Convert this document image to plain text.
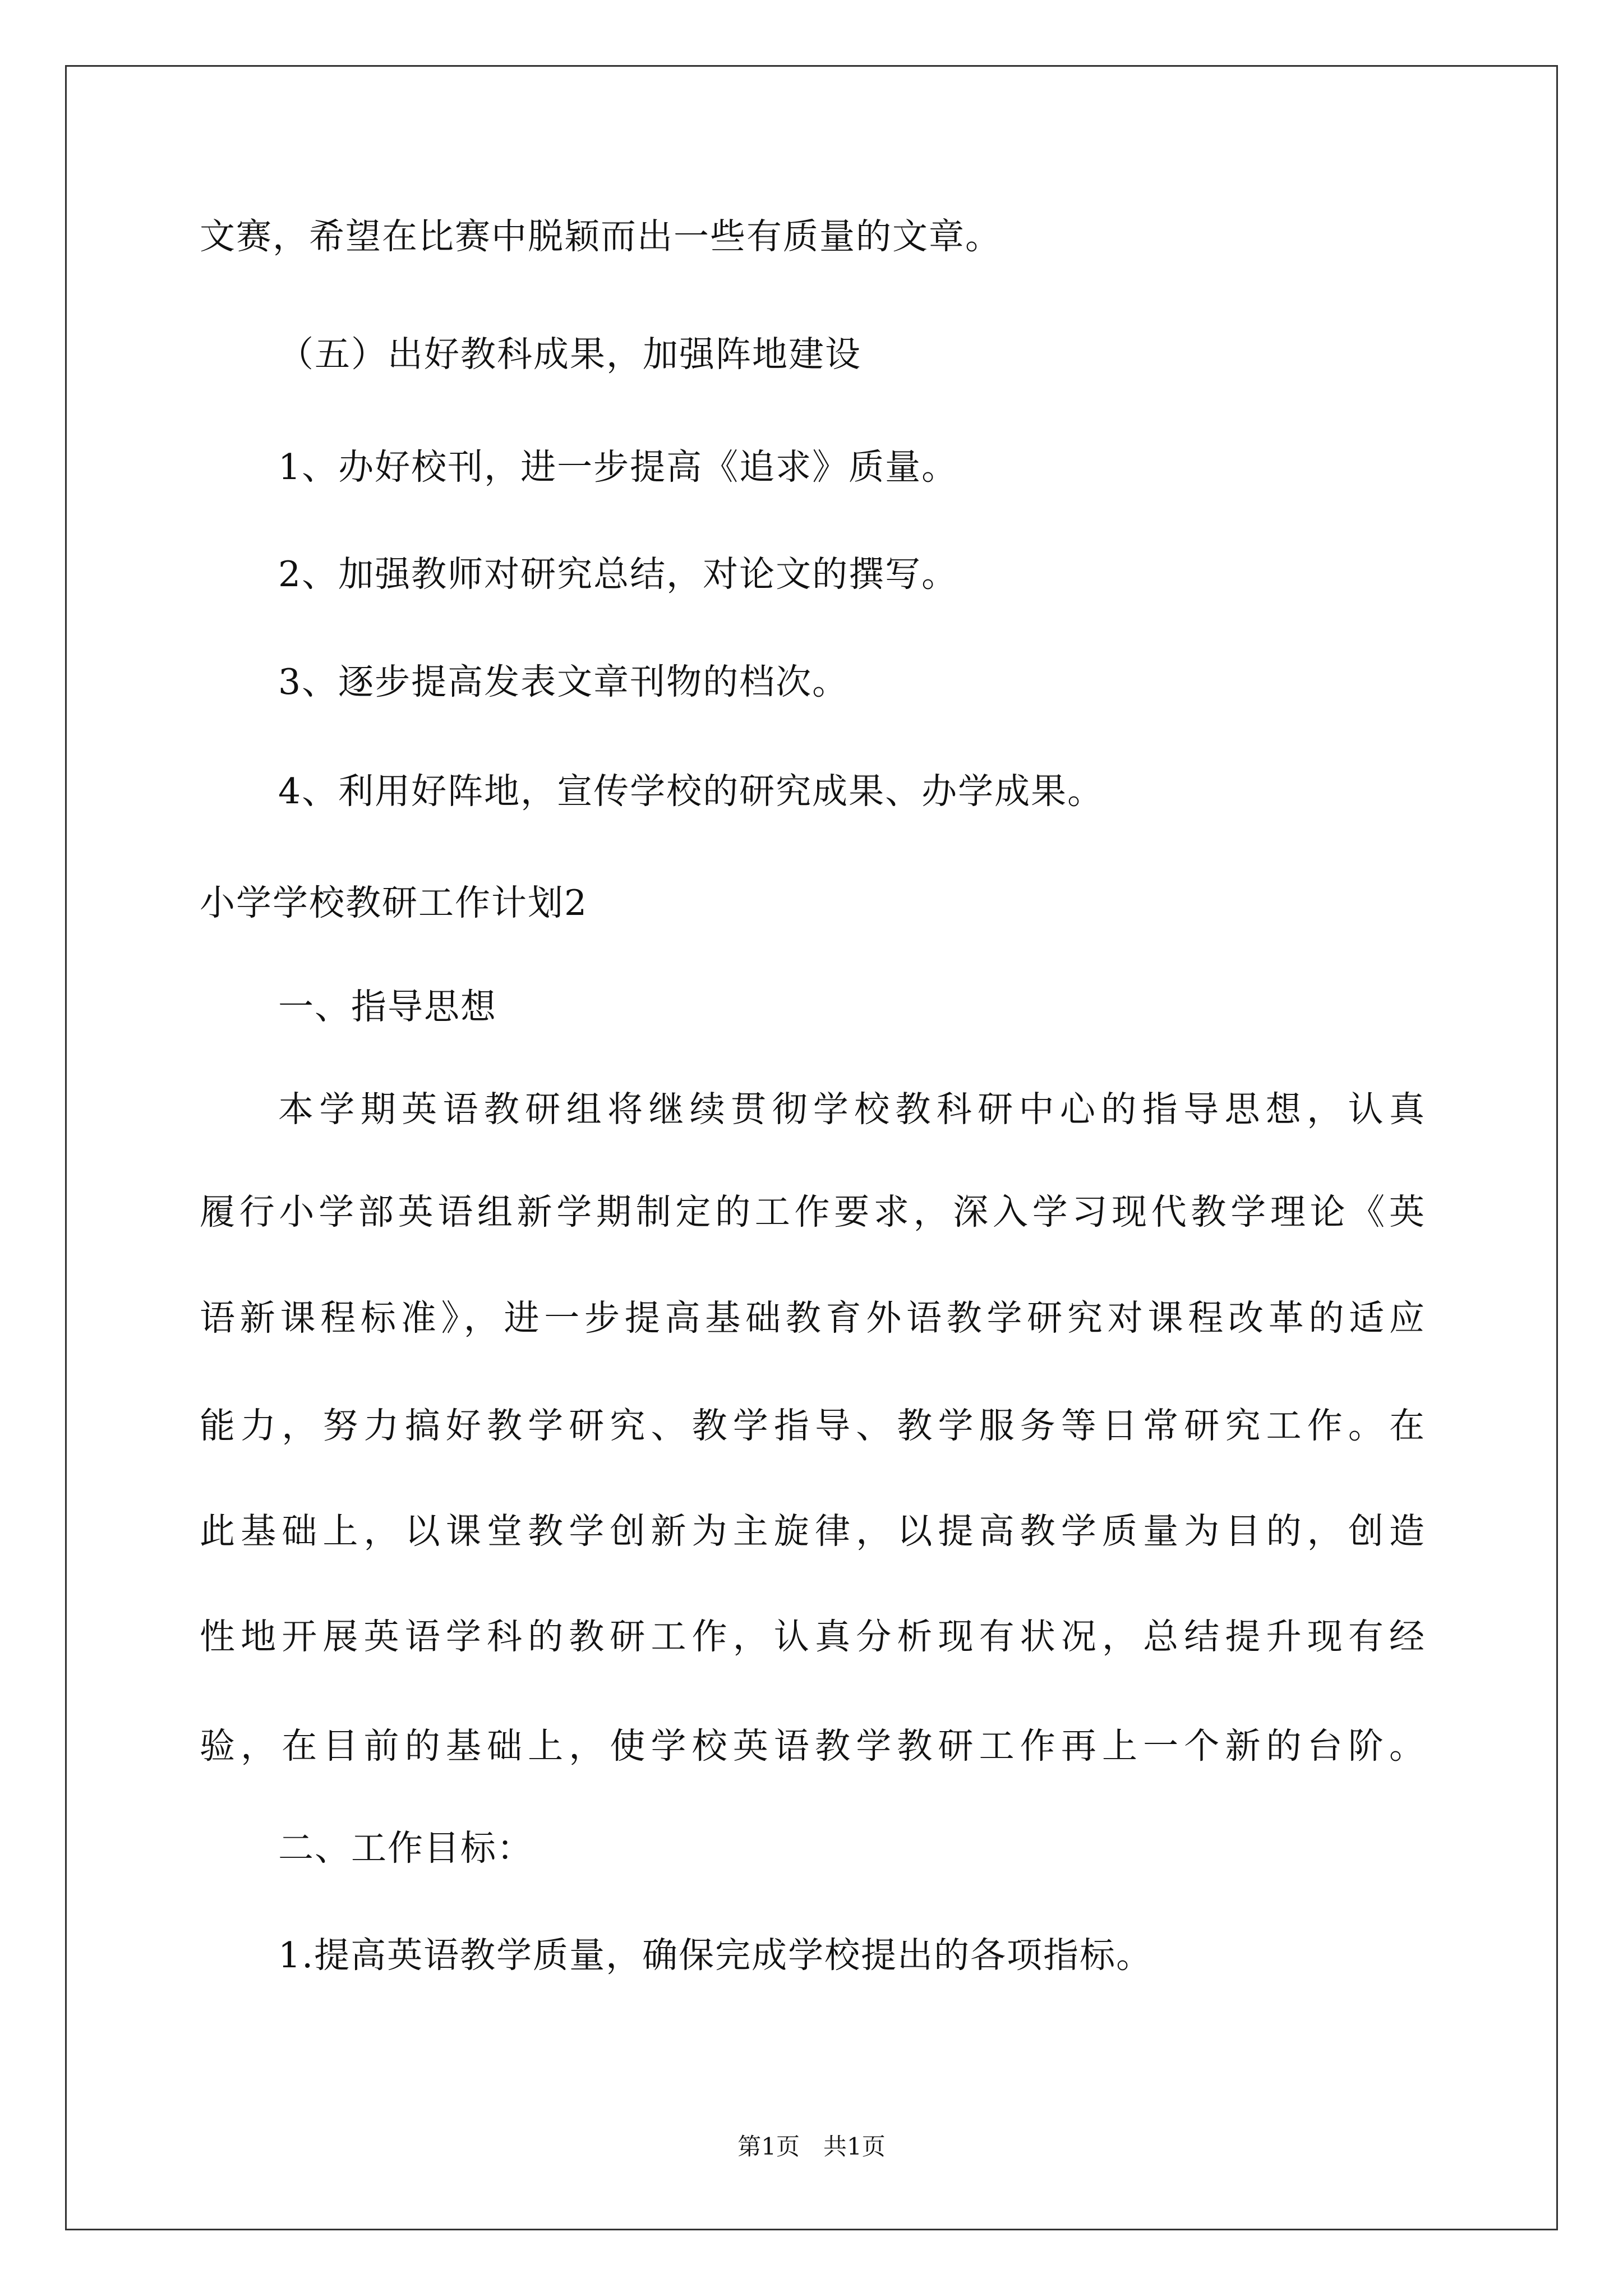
文赛，希望在比赛中脱颖而出一些有质量的文章。
（五）出好教科成果，加强阵地建设
1、办好校刊，进一步提高《追求》质量。
2、加强教师对研究总结，对论文的撰写。
3、逐步提高发表文章刊物的档次。
4、利用好阵地，宣传学校的研究成果、办学成果。
小学学校教研工作计划2
一、指导思想
本学期英语教研组将继续贯彻学校教科研中心的指导思想，认真
履行小学部英语组新学期制定的工作要求，深入学习现代教学理论《英
语新课程标准》，进一步提高基础教育外语教学研究对课程改革的适应
能力，努力搞好教学研究、教学指导、教学服务等日常研究工作。在
此基础上，以课堂教学创新为主旋律，以提高教学质量为目的，创造
性地开展英语学科的教研工作，认真分析现有状况，总结提升现有经
验，在目前的基础上，使学校英语教学教研工作再上一个新的台阶。
二、工作目标：
1.提高英语教学质量，确保完成学校提出的各项指标。
第1页　共1页
